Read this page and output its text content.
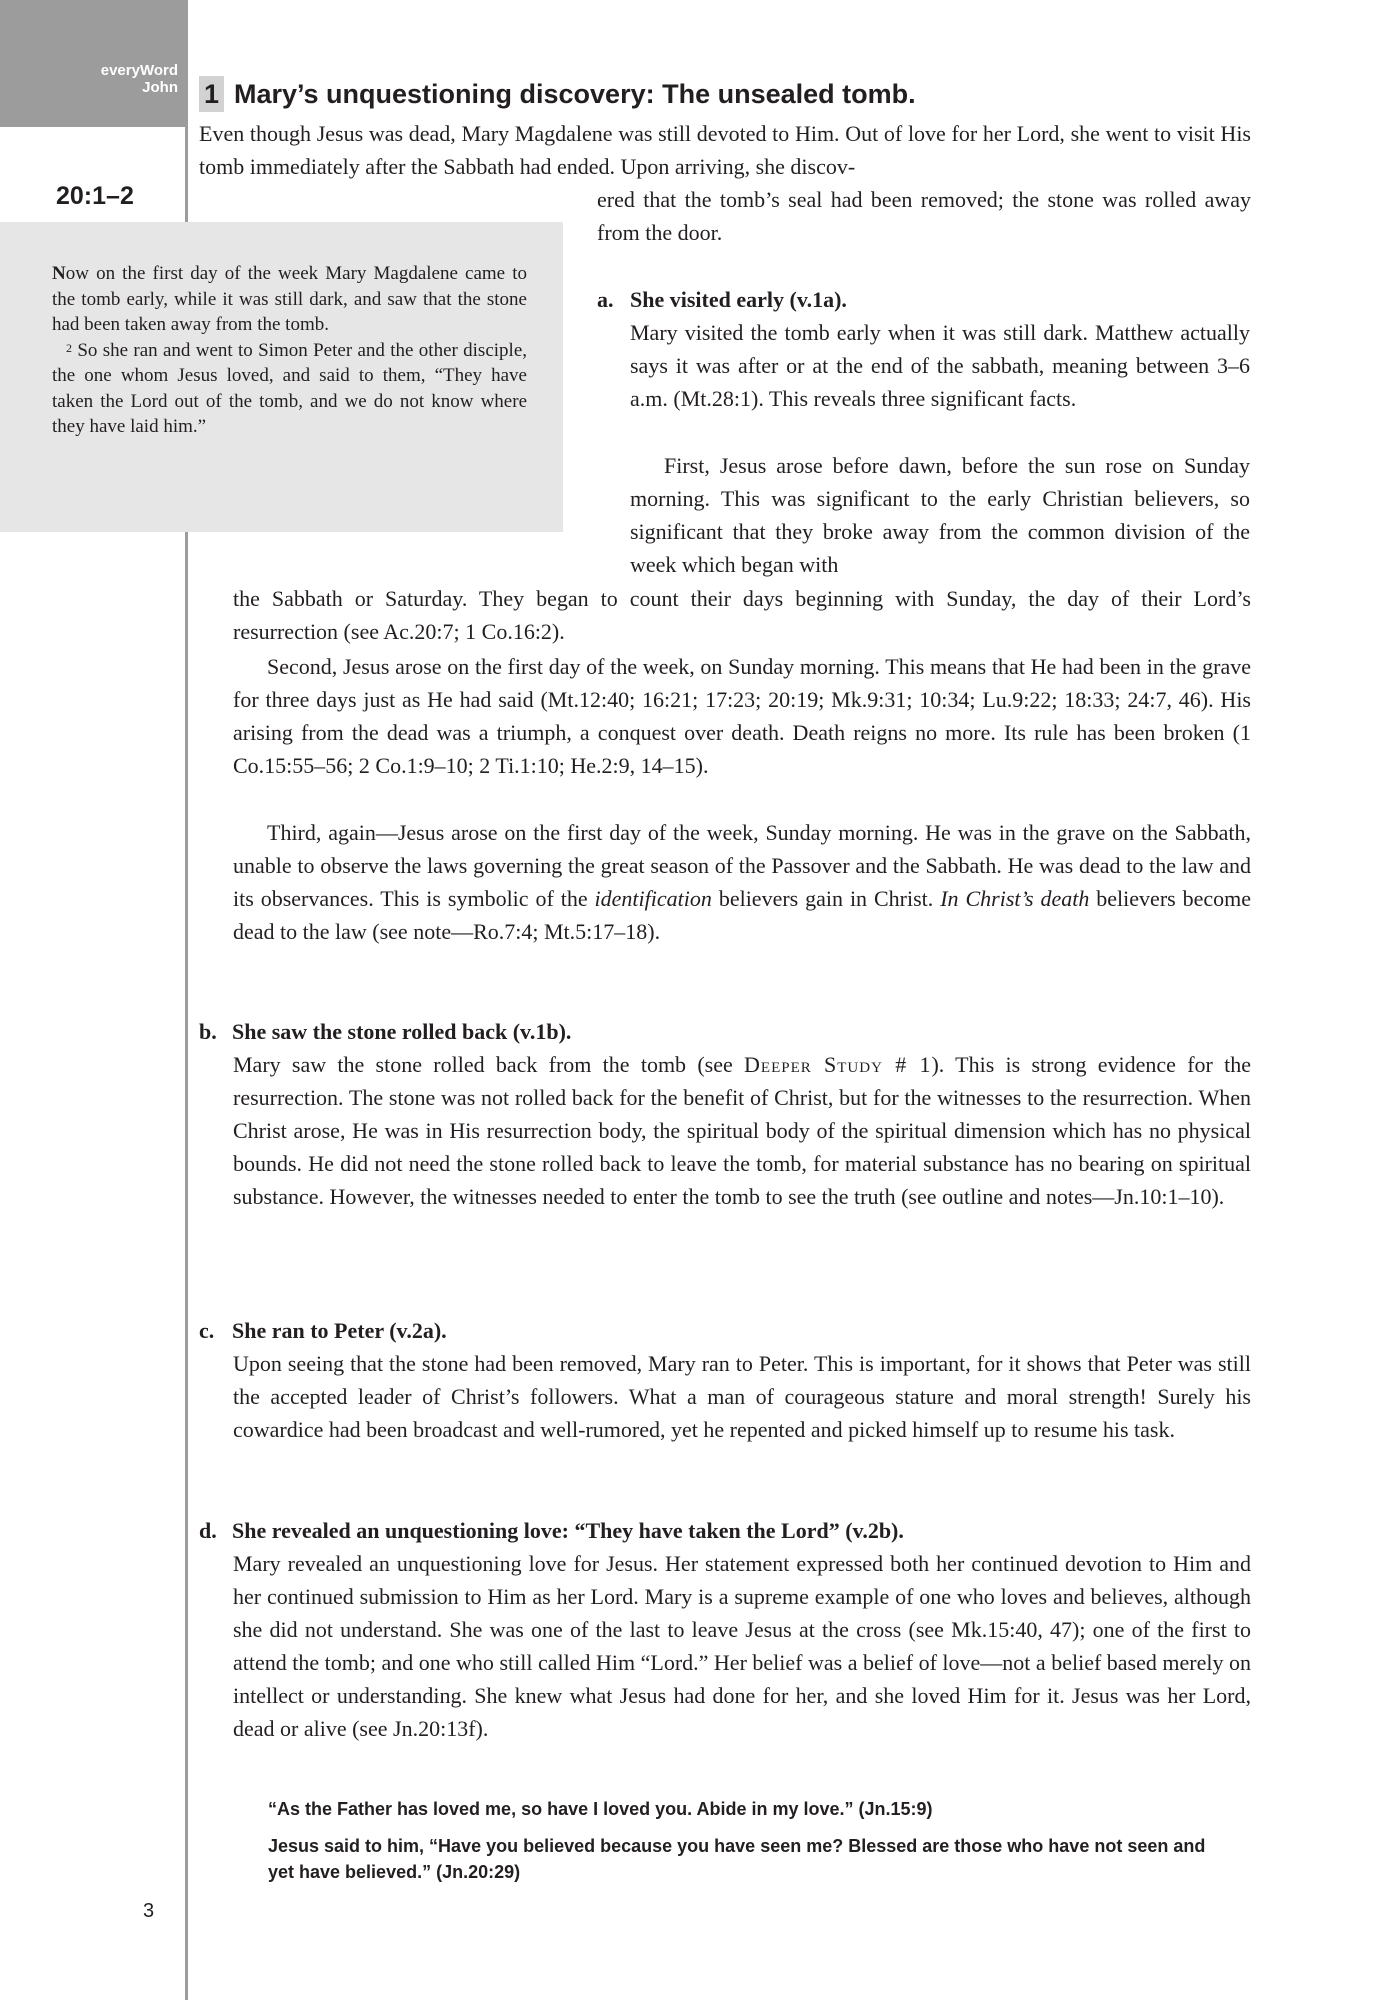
everyWord
John
20:1–2

Now on the first day of the week Mary Magdalene came to the tomb early, while it was still dark, and saw that the stone had been taken away from the tomb.

$^2$ So she ran and went to Simon Peter and the other disciple, the one whom Jesus loved, and said to them, “They have taken the Lord out of the tomb, and we do not know where they have laid him.”

1 Mary’s unquestioning discovery: The unsealed tomb.

Even though Jesus was dead, Mary Magdalene was still devoted to Him. Out of love for her Lord, she went to visit His tomb immediately after the Sabbath had ended. Upon arriving, she discov-

ered that the tomb’s seal had been removed; the stone was rolled away from the door.

a. She visited early (v.1a).

Mary visited the tomb early when it was still dark. Matthew actually says it was after or at the end of the sabbath, meaning between 3–6 a.m. (Mt.28:1). This reveals three significant facts.

First, Jesus arose before dawn, before the sun rose on Sunday morning. This was significant to the early Christian believers, so significant that they broke away from the common division of the week which began with

the Sabbath or Saturday. They began to count their days beginning with Sunday, the day of their Lord’s resurrection (see Ac.20:7; 1 Co.16:2).

Second, Jesus arose on the first day of the week, on Sunday morning. This means that He had been in the grave for three days just as He had said (Mt.12:40; 16:21; 17:23; 20:19; Mk.9:31; 10:34; Lu.9:22; 18:33; 24:7, 46). His arising from the dead was a triumph, a conquest over death. Death reigns no more. Its rule has been broken (1 Co.15:55–56; 2 Co.1:9–10; 2 Ti.1:10; He.2:9, 14–15).

Third, again—Jesus arose on the first day of the week, Sunday morning. He was in the grave on the Sabbath, unable to observe the laws governing the great season of the Passover and the Sabbath. He was dead to the law and its observances. This is symbolic of the identification believers gain in Christ. In Christ’s death believers become dead to the law (see note—Ro.7:4; Mt.5:17–18).

b. She saw the stone rolled back (v.1b).

Mary saw the stone rolled back from the tomb (see Deeper Study # 1). This is strong evidence for the resurrection. The stone was not rolled back for the benefit of Christ, but for the witnesses to the resurrection. When Christ arose, He was in His resurrection body, the spiritual body of the spiritual dimension which has no physical bounds. He did not need the stone rolled back to leave the tomb, for material substance has no bearing on spiritual substance. However, the witnesses needed to enter the tomb to see the truth (see outline and notes—Jn.10:1–10).

c. She ran to Peter (v.2a).

Upon seeing that the stone had been removed, Mary ran to Peter. This is important, for it shows that Peter was still the accepted leader of Christ’s followers. What a man of courageous stature and moral strength! Surely his cowardice had been broadcast and well-rumored, yet he repented and picked himself up to resume his task.

d. She revealed an unquestioning love: “They have taken the Lord” (v.2b).

Mary revealed an unquestioning love for Jesus. Her statement expressed both her continued devotion to Him and her continued submission to Him as her Lord. Mary is a supreme example of one who loves and believes, although she did not understand. She was one of the last to leave Jesus at the cross (see Mk.15:40, 47); one of the first to attend the tomb; and one who still called Him “Lord.” Her belief was a belief of love—not a belief based merely on intellect or understanding. She knew what Jesus had done for her, and she loved Him for it. Jesus was her Lord, dead or alive (see Jn.20:13f).

“As the Father has loved me, so have I loved you. Abide in my love.” (Jn.15:9)

Jesus said to him, “Have you believed because you have seen me? Blessed are those who have not seen and yet have believed.” (Jn.20:29)

3
